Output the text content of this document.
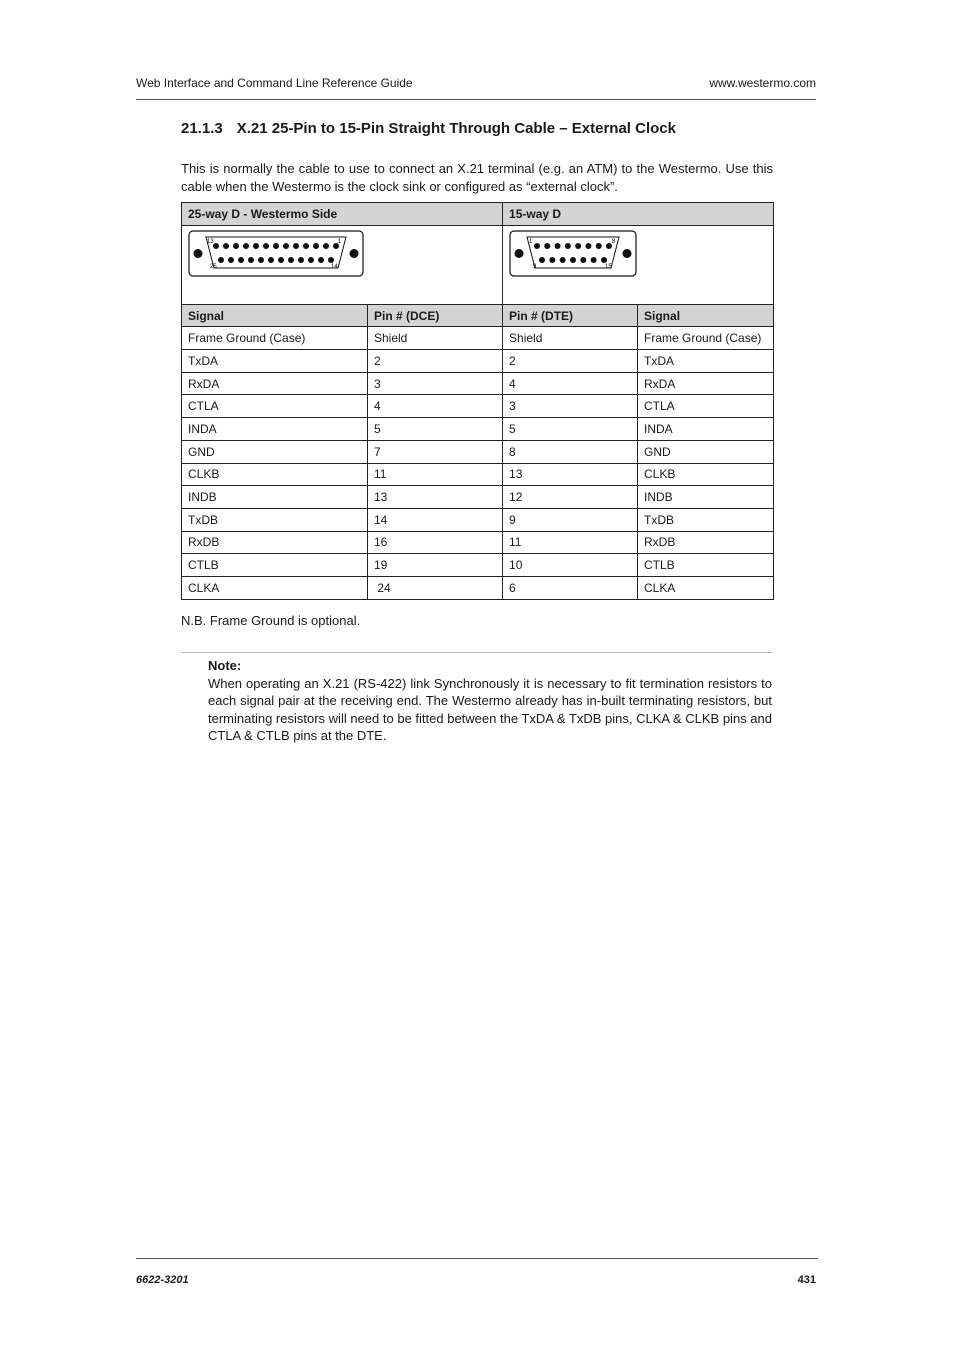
Web Interface and Command Line Reference Guide	www.westermo.com
21.1.3 X.21 25-Pin to 15-Pin Straight Through Cable – External Clock

This is normally the cable to use to connect an X.21 terminal (e.g. an ATM) to the Westermo. Use this cable when the Westermo is the clock sink or configured as “external clock”.

25-way D - Westermo Side		15-way D	

13 1
25 14		1 8
9 15	

Signal	Pin # (DCE)	Pin # (DTE)	Signal
Frame Ground (Case)	Shield	Shield	Frame Ground (Case)
TxDA	2	2	TxDA
RxDA	3	4	RxDA
CTLA	4	3	CTLA
INDA	5	5	INDA
GND	7	8	GND
CLKB	11	13	CLKB
INDB	13	12	INDB
TxDB	14	9	TxDB
RxDB	16	11	RxDB
CTLB	19	10	CTLB
CLKA	24	6	CLKA

N.B. Frame Ground is optional.

Note:
When operating an X.21 (RS-422) link Synchronously it is necessary to fit termination resistors to each signal pair at the receiving end. The Westermo already has in-built terminating resistors, but terminating resistors will need to be fitted between the TxDA & TxDB pins, CLKA & CLKB pins and CTLA & CTLB pins at the DTE.
6622-3201	431
